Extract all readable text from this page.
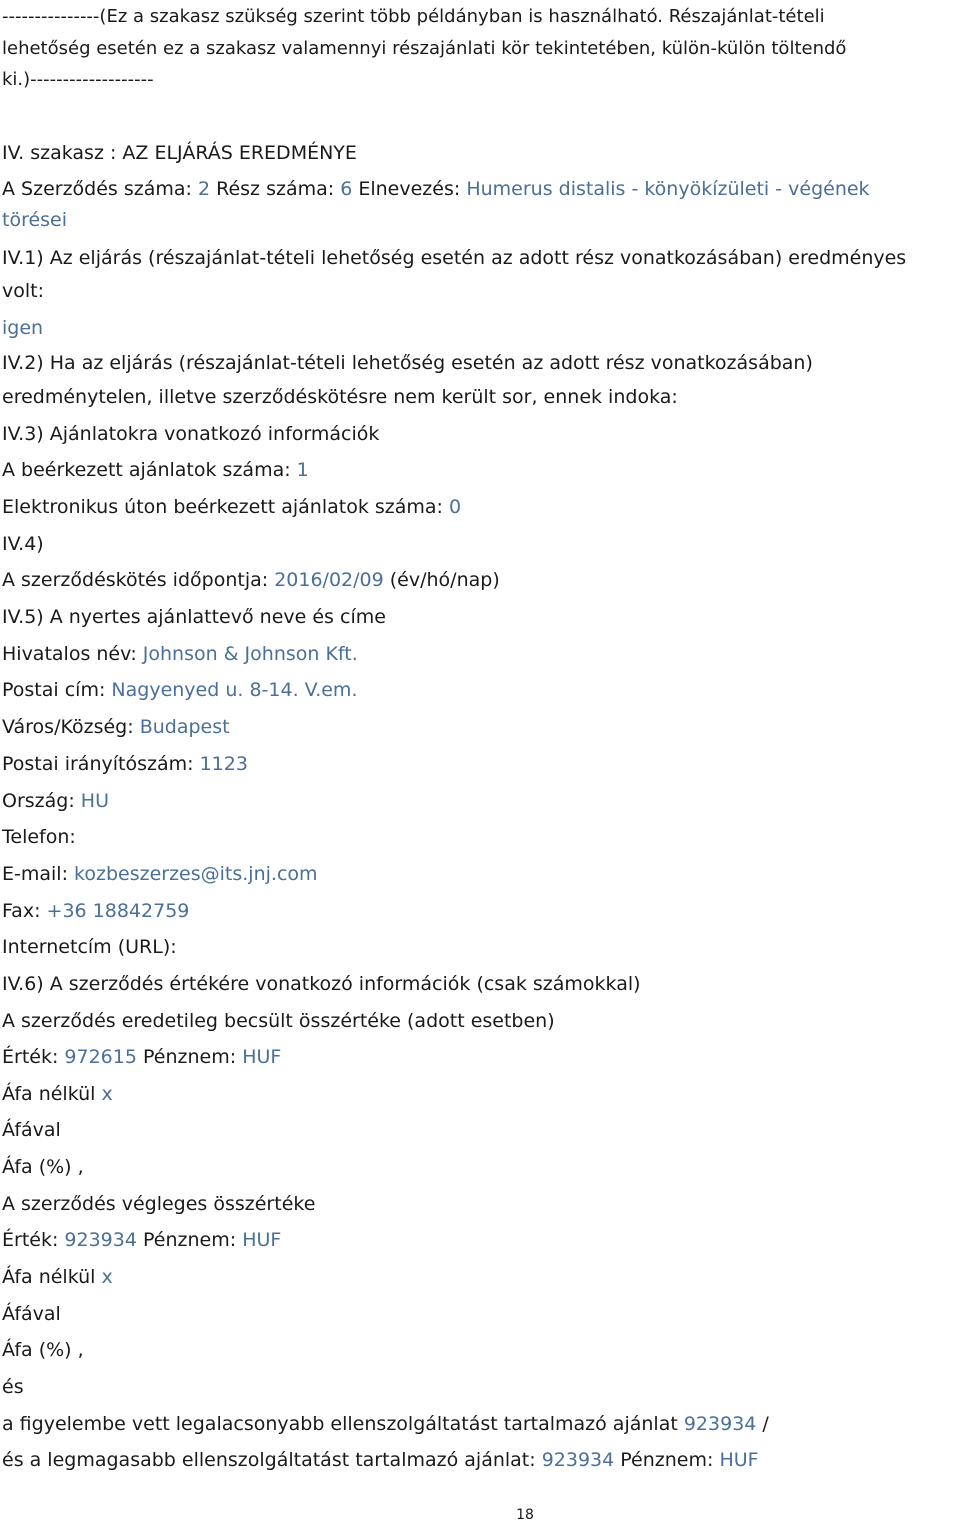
---------------(Ez a szakasz szükség szerint több példányban is használható. Részajánlat-tételi
lehetőség esetén ez a szakasz valamennyi részajánlati kör tekintetében, külön-külön töltendő
ki.)-------------------
IV. szakasz : AZ ELJÁRÁS EREDMÉNYE
A Szerződés száma: 2 Rész száma: 6 Elnevezés: Humerus distalis - könyökízületi - végének
törései
IV.1) Az eljárás (részajánlat-tételi lehetőség esetén az adott rész vonatkozásában) eredményes
volt:
igen
IV.2) Ha az eljárás (részajánlat-tételi lehetőség esetén az adott rész vonatkozásában)
eredménytelen, illetve szerződéskötésre nem került sor, ennek indoka:
IV.3) Ajánlatokra vonatkozó információk
A beérkezett ajánlatok száma: 1
Elektronikus úton beérkezett ajánlatok száma: 0
IV.4)
A szerződéskötés időpontja: 2016/02/09 (év/hó/nap)
IV.5) A nyertes ajánlattevő neve és címe
Hivatalos név: Johnson & Johnson Kft.
Postai cím: Nagyenyed u. 8-14. V.em.
Város/Község: Budapest
Postai irányítószám: 1123
Ország: HU
Telefon:
E-mail: kozbeszerzes@its.jnj.com
Fax: +36 18842759
Internetcím (URL):
IV.6) A szerződés értékére vonatkozó információk (csak számokkal)
A szerződés eredetileg becsült összértéke (adott esetben)
Érték: 972615 Pénznem: HUF
Áfa nélkül x
Áfával
Áfa (%) ,
A szerződés végleges összértéke
Érték: 923934 Pénznem: HUF
Áfa nélkül x
Áfával
Áfa (%) ,
és
a figyelembe vett legalacsonyabb ellenszolgáltatást tartalmazó ajánlat 923934 /
és a legmagasabb ellenszolgáltatást tartalmazó ajánlat: 923934 Pénznem: HUF
18
